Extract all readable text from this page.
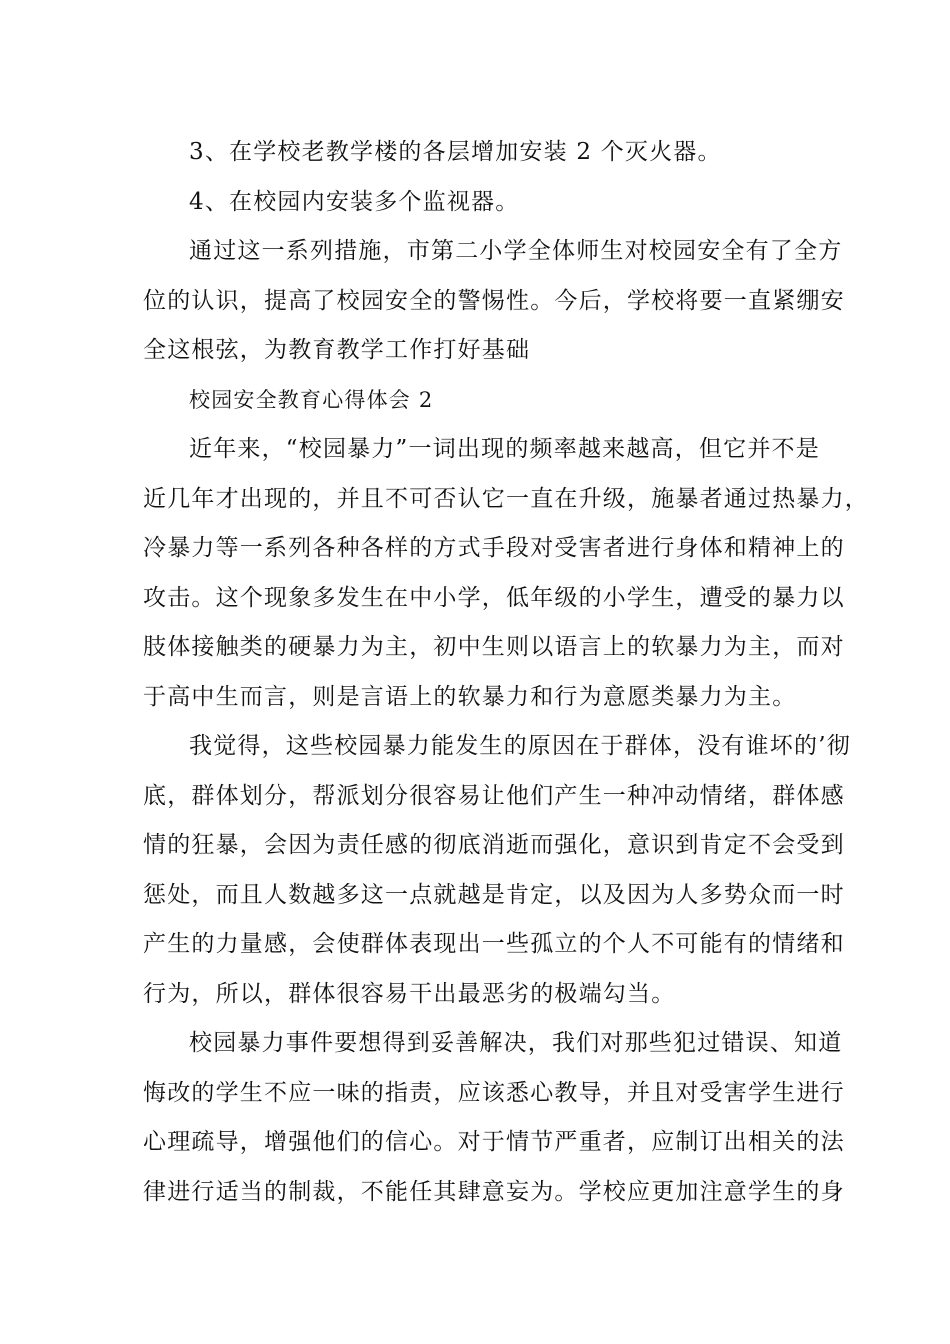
3、在学校老教学楼的各层增加安装 2 个灭火器。
4、在校园内安装多个监视器。
通过这一系列措施，市第二小学全体师生对校园安全有了全方
位的认识，提高了校园安全的警惕性。今后，学校将要一直紧绷安
全这根弦，为教育教学工作打好基础
校园安全教育心得体会 2
近年来，“校园暴力”一词出现的频率越来越高，但它并不是
近几年才出现的，并且不可否认它一直在升级，施暴者通过热暴力，
冷暴力等一系列各种各样的方式手段对受害者进行身体和精神上的
攻击。这个现象多发生在中小学，低年级的小学生，遭受的暴力以
肢体接触类的硬暴力为主，初中生则以语言上的软暴力为主，而对
于高中生而言，则是言语上的软暴力和行为意愿类暴力为主。
我觉得，这些校园暴力能发生的原因在于群体，没有谁坏的’彻
底，群体划分，帮派划分很容易让他们产生一种冲动情绪，群体感
情的狂暴，会因为责任感的彻底消逝而强化，意识到肯定不会受到
惩处，而且人数越多这一点就越是肯定，以及因为人多势众而一时
产生的力量感，会使群体表现出一些孤立的个人不可能有的情绪和
行为，所以，群体很容易干出最恶劣的极端勾当。
校园暴力事件要想得到妥善解决，我们对那些犯过错误、知道
悔改的学生不应一味的指责，应该悉心教导，并且对受害学生进行
心理疏导，增强他们的信心。对于情节严重者，应制订出相关的法
律进行适当的制裁，不能任其肆意妄为。学校应更加注意学生的身
